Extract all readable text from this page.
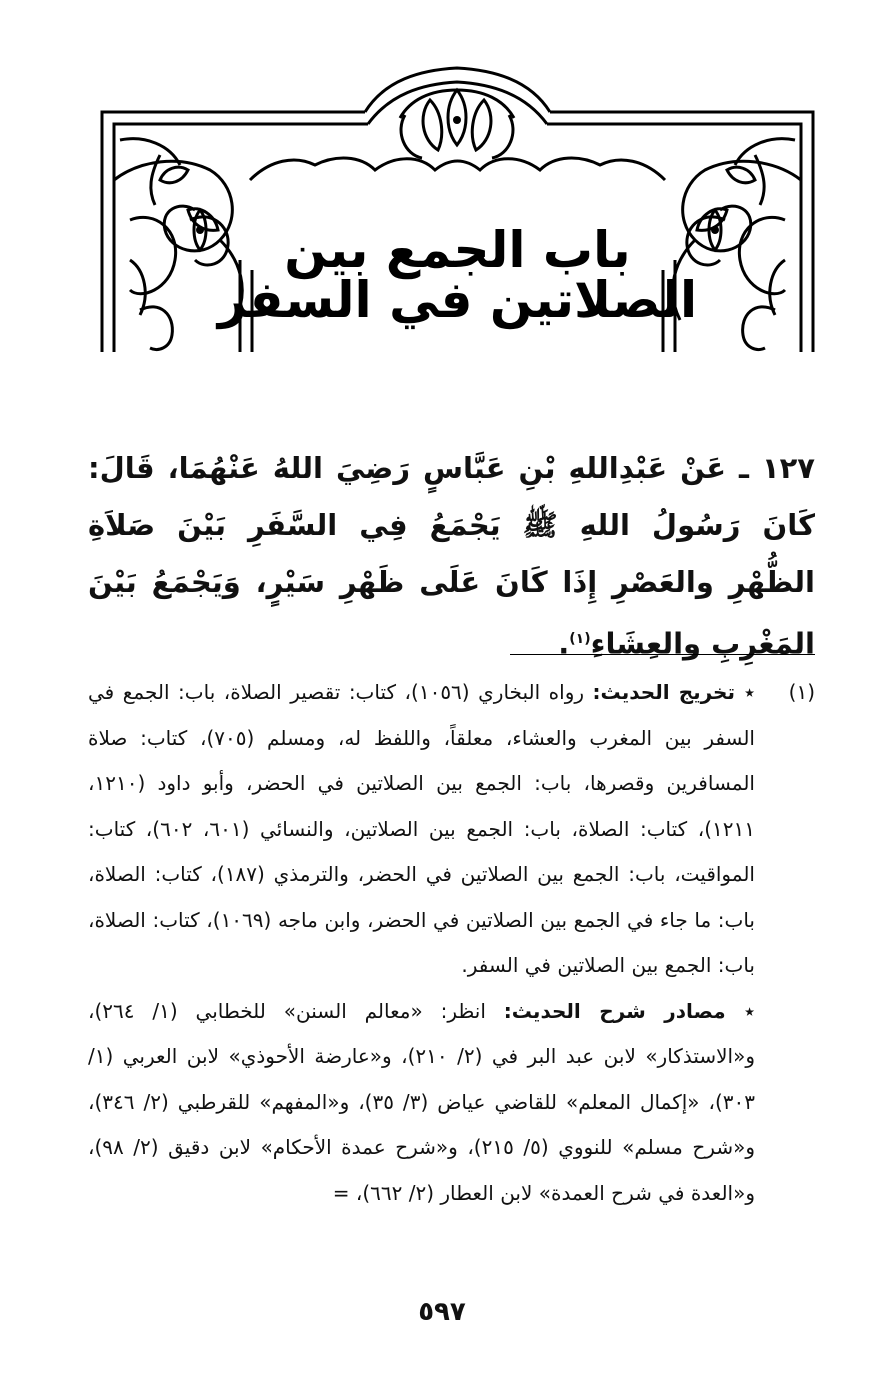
باب الجمع بين الصلاتين في السفر
١٢٧ ـ عَنْ عَبْدِاللهِ بْنِ عَبَّاسٍ رَضِيَ اللهُ عَنْهُمَا، قَالَ: كَانَ رَسُولُ اللهِ ﷺ يَجْمَعُ فِي السَّفَرِ بَيْنَ صَلاَةِ الظُّهْرِ والعَصْرِ إِذَا كَانَ عَلَى ظَهْرِ سَيْرٍ، وَيَجْمَعُ بَيْنَ المَغْرِبِ والعِشَاءِ$^{(١)}$.
(١)

٭ تخريج الحديث: رواه البخاري (١٠٥٦)، كتاب: تقصير الصلاة، باب: الجمع في السفر بين المغرب والعشاء، معلقاً، واللفظ له، ومسلم (٧٠٥)، كتاب: صلاة المسافرين وقصرها، باب: الجمع بين الصلاتين في الحضر، وأبو داود (١٢١٠، ١٢١١)، كتاب: الصلاة، باب: الجمع بين الصلاتين، والنسائي (٦٠١، ٦٠٢)، كتاب: المواقيت، باب: الجمع بين الصلاتين في الحضر، والترمذي (١٨٧)، كتاب: الصلاة، باب: ما جاء في الجمع بين الصلاتين في الحضر، وابن ماجه (١٠٦٩)، كتاب: الصلاة، باب: الجمع بين الصلاتين في السفر.

٭ مصادر شرح الحديث: انظر: «معالم السنن» للخطابي (١/ ٢٦٤)، و«الاستذكار» لابن عبد البر في (٢/ ٢١٠)، و«عارضة الأحوذي» لابن العربي (١/ ٣٠٣)، «إكمال المعلم» للقاضي عياض (٣/ ٣٥)، و«المفهم» للقرطبي (٢/ ٣٤٦)، و«شرح مسلم» للنووي (٥/ ٢١٥)، و«شرح عمدة الأحكام» لابن دقيق (٢/ ٩٨)، و«العدة في شرح العمدة» لابن العطار (٢/ ٦٦٢)، =

٥٩٧
